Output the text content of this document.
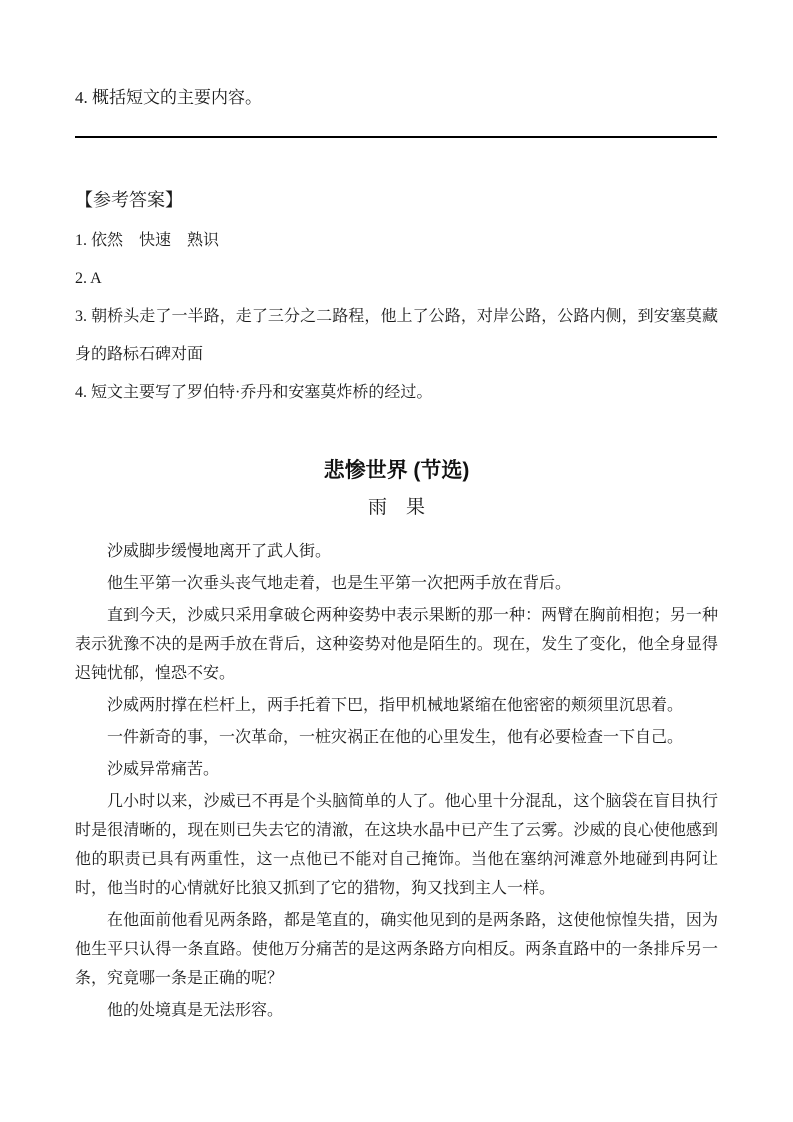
4. 概括短文的主要内容。
【参考答案】

1. 依然　快速　熟识

2. A

3. 朝桥头走了一半路，走了三分之二路程，他上了公路，对岸公路，公路内侧，到安塞莫藏身的路标石碑对面

4. 短文主要写了罗伯特·乔丹和安塞莫炸桥的经过。

悲惨世界 (节选)
雨　果

沙威脚步缓慢地离开了武人街。

他生平第一次垂头丧气地走着，也是生平第一次把两手放在背后。

直到今天，沙威只采用拿破仑两种姿势中表示果断的那一种：两臂在胸前相抱；另一种表示犹豫不决的是两手放在背后，这种姿势对他是陌生的。现在，发生了变化，他全身显得迟钝忧郁，惶恐不安。

沙威两肘撑在栏杆上，两手托着下巴，指甲机械地紧缩在他密密的颊须里沉思着。

一件新奇的事，一次革命，一桩灾祸正在他的心里发生，他有必要检查一下自己。

沙威异常痛苦。

几小时以来，沙威已不再是个头脑简单的人了。他心里十分混乱，这个脑袋在盲目执行时是很清晰的，现在则已失去它的清澈，在这块水晶中已产生了云雾。沙威的良心使他感到他的职责已具有两重性，这一点他已不能对自己掩饰。当他在塞纳河滩意外地碰到冉阿让时，他当时的心情就好比狼又抓到了它的猎物，狗又找到主人一样。

在他面前他看见两条路，都是笔直的，确实他见到的是两条路，这使他惊惶失措，因为他生平只认得一条直路。使他万分痛苦的是这两条路方向相反。两条直路中的一条排斥另一条，究竟哪一条是正确的呢？

他的处境真是无法形容。
